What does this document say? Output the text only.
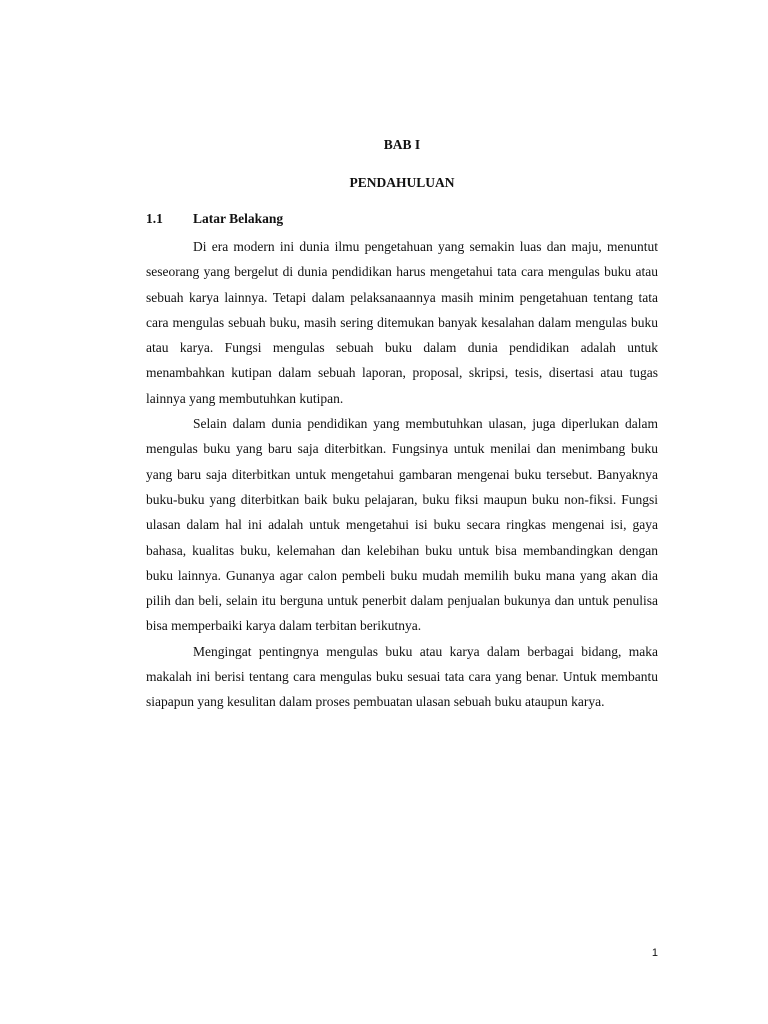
BAB I
PENDAHULUAN
1.1 Latar Belakang

Di era modern ini dunia ilmu pengetahuan yang semakin luas dan maju, menuntut seseorang yang bergelut di dunia pendidikan harus mengetahui tata cara mengulas buku atau sebuah karya lainnya. Tetapi dalam pelaksanaannya masih minim pengetahuan tentang tata cara mengulas sebuah buku, masih sering ditemukan banyak kesalahan dalam mengulas buku atau karya. Fungsi mengulas sebuah buku dalam dunia pendidikan adalah untuk menambahkan kutipan dalam sebuah laporan, proposal, skripsi, tesis, disertasi atau tugas lainnya yang membutuhkan kutipan.

Selain dalam dunia pendidikan yang membutuhkan ulasan, juga diperlukan dalam mengulas buku yang baru saja diterbitkan. Fungsinya untuk menilai dan menimbang buku yang baru saja diterbitkan untuk mengetahui gambaran mengenai buku tersebut. Banyaknya buku-buku yang diterbitkan baik buku pelajaran, buku fiksi maupun buku non-fiksi. Fungsi ulasan dalam hal ini adalah untuk mengetahui isi buku secara ringkas mengenai isi, gaya bahasa, kualitas buku, kelemahan dan kelebihan buku untuk bisa membandingkan dengan buku lainnya. Gunanya agar calon pembeli buku mudah memilih buku mana yang akan dia pilih dan beli, selain itu berguna untuk penerbit dalam penjualan bukunya dan untuk penulisa bisa memperbaiki karya dalam terbitan berikutnya.

Mengingat pentingnya mengulas buku atau karya dalam berbagai bidang, maka makalah ini berisi tentang cara mengulas buku sesuai tata cara yang benar. Untuk membantu siapapun yang kesulitan dalam proses pembuatan ulasan sebuah buku ataupun karya.

1
